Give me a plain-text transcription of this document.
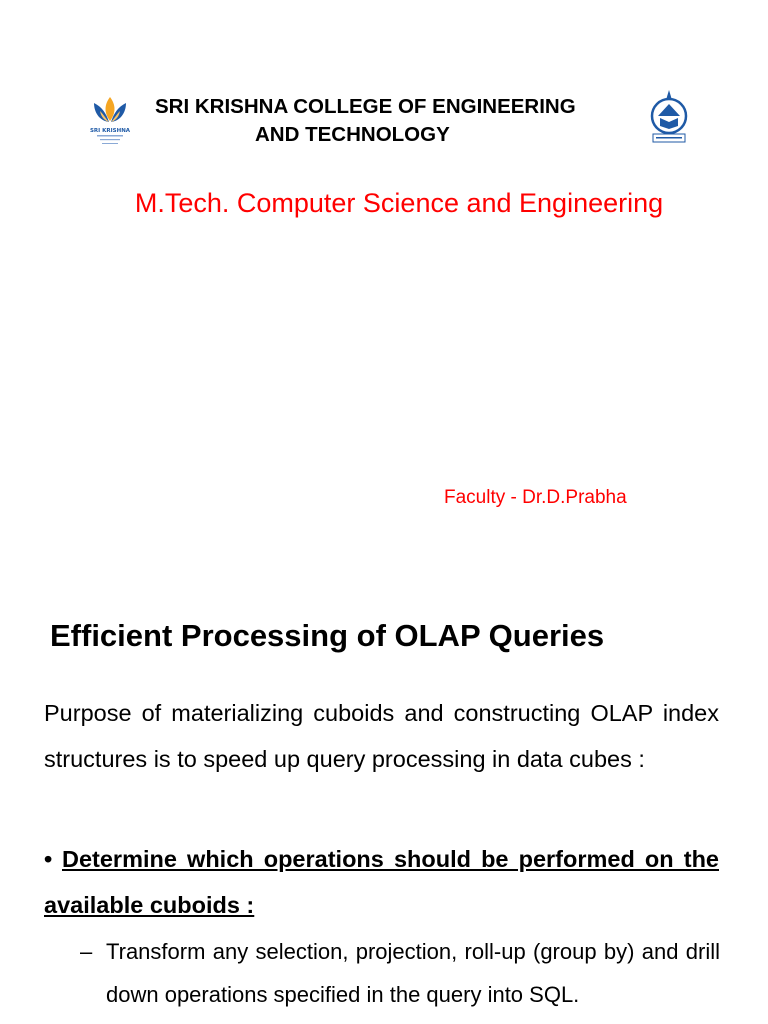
SRI KRISHNA
SRI KRISHNA COLLEGE OF ENGINEERING
AND TECHNOLOGY
M.Tech. Computer Science and Engineering
Faculty - Dr.D.Prabha
Efficient Processing of OLAP Queries
Purpose of materializing cuboids and constructing OLAP index structures is to speed up query processing in data cubes :
• Determine which operations should be performed on the available cuboids :
– Transform any selection, projection, roll-up (group by) and drill down operations specified in the query into SQL.
